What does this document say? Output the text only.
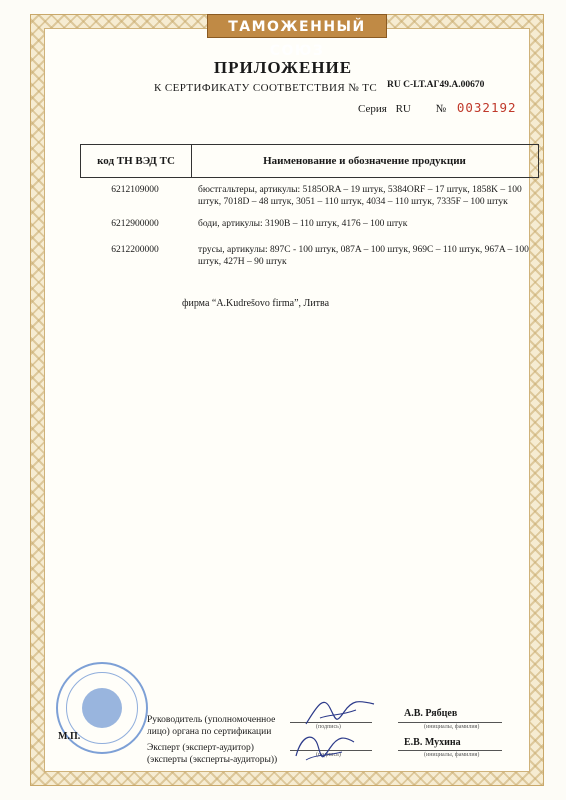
ТАМОЖЕННЫЙ СОЮЗ
ПРИЛОЖЕНИЕ
К СЕРТИФИКАТУ СООТВЕТСТВИЯ № ТС RU C-LT.AГ49.A.00670
Серия RU № 0032192
код ТН ВЭД ТС	Наименование и обозначение продукции
6212109000	бюстгальтеры, артикулы: 5185ORA – 19 штук, 5384ORF – 17 штук, 1858K – 100 штук, 7018D – 48 штук, 3051 – 110 штук, 4034 – 110 штук, 7335F – 100 штук
6212900000	боди, артикулы: 3190B – 110 штук, 4176 – 100 штук
6212200000	трусы, артикулы: 897C - 100 штук, 087A – 100 штук, 969C – 110 штук, 967A – 100 штук, 427H – 90 штук
фирма “A.Kudrešovo firma”, Литва
М.П.
Руководитель (уполномоченное
лицо) органа по сертификации	(подпись)
А.В. Рябцев
(инициалы, фамилия)
Эксперт (эксперт-аудитор)
(эксперты (эксперты-аудиторы))	(подпись)
Е.В. Мухина
(инициалы, фамилия)
